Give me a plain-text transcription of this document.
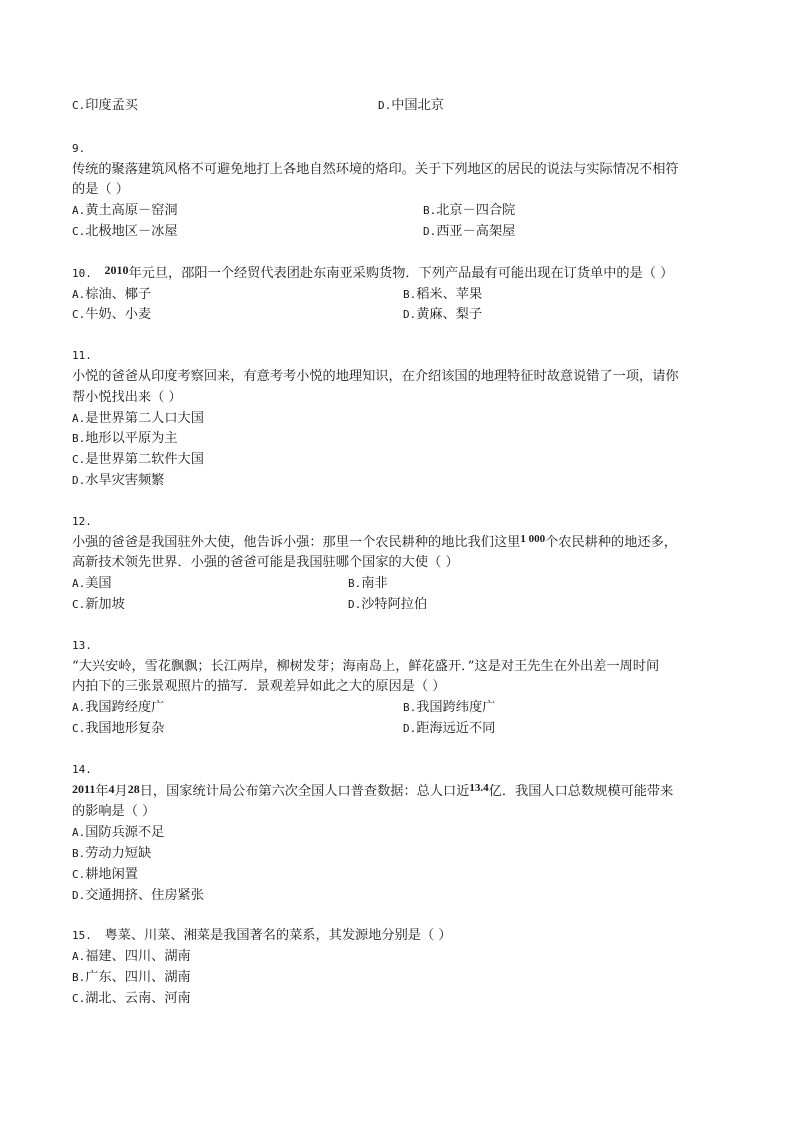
C.印度孟买	D.中国北京
9.
传统的聚落建筑风格不可避免地打上各地自然环境的烙印。关于下列地区的居民的说法与实际情况不相符
的是（ ）
A.黄土高原－窑洞	B.北京－四合院
C.北极地区－冰屋	D.西亚－高架屋
10. 2010年元旦，邵阳一个经贸代表团赴东南亚采购货物．下列产品最有可能出现在订货单中的是（ ）
A.棕油、椰子	B.稻米、苹果
C.牛奶、小麦	D.黄麻、梨子
11.
小悦的爸爸从印度考察回来，有意考考小悦的地理知识，在介绍该国的地理特征时故意说错了一项，请你
帮小悦找出来（ ）
A.是世界第二人口大国
B.地形以平原为主
C.是世界第二软件大国
D.水旱灾害频繁
12.
小强的爸爸是我国驻外大使，他告诉小强：那里一个农民耕种的地比我们这里$^{1 000}$个农民耕种的地还多，
高新技术领先世界．小强的爸爸可能是我国驻哪个国家的大使（ ）
A.美国	B.南非
C.新加坡	D.沙特阿拉伯
13.
“大兴安岭，雪花飘飘；长江两岸，柳树发芽；海南岛上，鲜花盛开．”这是对王先生在外出差一周时间
内拍下的三张景观照片的描写．景观差异如此之大的原因是（ ）
A.我国跨经度广	B.我国跨纬度广
C.我国地形复杂	D.距海远近不同
14.
2011年4月28日，国家统计局公布第六次全国人口普查数据：总人口近$^{13.4}$亿．我国人口总数规模可能带来
的影响是（ ）
A.国防兵源不足
B.劳动力短缺
C.耕地闲置
D.交通拥挤、住房紧张
15. 粤菜、川菜、湘菜是我国著名的菜系，其发源地分别是（ ）
A.福建、四川、湖南
B.广东、四川、湖南
C.湖北、云南、河南
